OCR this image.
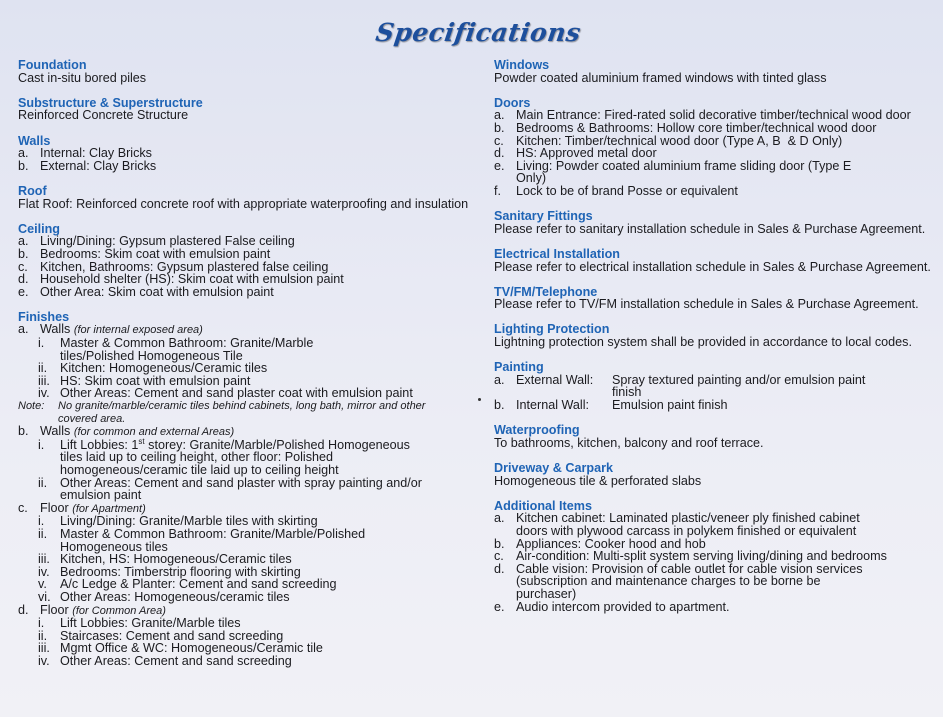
Specifications
Foundation
Cast in-situ bored piles
Substructure & Superstructure
Reinforced Concrete Structure
Walls
a. Internal: Clay Bricks
b. External: Clay Bricks
Roof
Flat Roof: Reinforced concrete roof with appropriate waterproofing and insulation
Ceiling
a. Living/Dining: Gypsum plastered False ceiling
b. Bedrooms: Skim coat with emulsion paint
c. Kitchen, Bathrooms: Gypsum plastered false ceiling
d. Household shelter (HS): Skim coat with emulsion paint
e. Other Area: Skim coat with emulsion paint
Finishes
a. Walls (for internal exposed area)
i.	Master & Common Bathroom: Granite/Marble tiles/Polished Homogeneous Tile
ii.	Kitchen: Homogeneous/Ceramic tiles
iii. HS: Skim coat with emulsion paint
iv. Other Areas: Cement and sand plaster coat with emulsion paint
Note:	No granite/marble/ceramic tiles behind cabinets, long bath, mirror and other covered area.
b. Walls (for common and external Areas)
i.	Lift Lobbies: 1st storey: Granite/Marble/Polished Homogeneous tiles laid up to ceiling height, other floor: Polished homogeneous/ceramic tile laid up to ceiling height
ii.	Other Areas: Cement and sand plaster with spray painting and/or emulsion paint
c. Floor (for Apartment)
i.	Living/Dining: Granite/Marble tiles with skirting
ii.	Master & Common Bathroom: Granite/Marble/Polished Homogeneous tiles
iii. Kitchen, HS: Homogeneous/Ceramic tiles
iv. Bedrooms: Timberstrip flooring with skirting
v.	A/c Ledge & Planter: Cement and sand screeding
vi. Other Areas: Homogeneous/ceramic tiles
d. Floor (for Common Area)
i.	Lift Lobbies: Granite/Marble tiles
ii.	Staircases: Cement and sand screeding
iii. Mgmt Office & WC: Homogeneous/Ceramic tile
iv. Other Areas: Cement and sand screeding
Windows
Powder coated aluminium framed windows with tinted glass
Doors
a. Main Entrance: Fired-rated solid decorative timber/technical wood door
b. Bedrooms & Bathrooms: Hollow core timber/technical wood door
c. Kitchen: Timber/technical wood door (Type A, B  & D Only)
d. HS: Approved metal door
e. Living: Powder coated aluminium frame sliding door (Type E Only)
f.	Lock to be of brand Posse or equivalent
Sanitary Fittings
Please refer to sanitary installation schedule in Sales & Purchase Agreement.
Electrical Installation
Please refer to electrical installation schedule in Sales & Purchase Agreement.
TV/FM/Telephone
Please refer to TV/FM installation schedule in Sales & Purchase Agreement.
Lighting Protection
Lightning protection system shall be provided in accordance to local codes.
Painting
a. External Wall:	Spray textured painting and/or emulsion paint finish
b. Internal Wall:	Emulsion paint finish
Waterproofing
To bathrooms, kitchen, balcony and roof terrace.
Driveway & Carpark
Homogeneous tile & perforated slabs
Additional Items
a. Kitchen cabinet: Laminated plastic/veneer ply finished cabinet doors with plywood carcass in polykem finished or equivalent
b. Appliances: Cooker hood and hob
c. Air-condition: Multi-split system serving living/dining and bedrooms
d. Cable vision: Provision of cable outlet for cable vision services (subscription and maintenance charges to be borne be purchaser)
e. Audio intercom provided to apartment.
